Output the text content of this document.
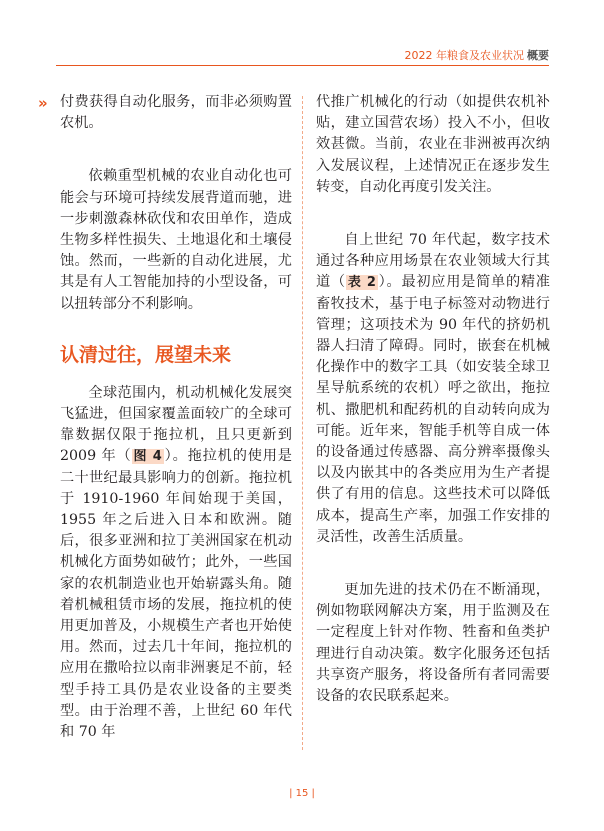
2022 年粮食及农业状况 概要
» 付费获得自动化服务，而非必须购置农机。

依赖重型机械的农业自动化也可能会与环境可持续发展背道而驰，进一步刺激森林砍伐和农田单作，造成生物多样性损失、土地退化和土壤侵蚀。然而，一些新的自动化进展，尤其是有人工智能加持的小型设备，可以扭转部分不利影响。

认清过往，展望未来

全球范围内，机动机械化发展突飞猛进，但国家覆盖面较广的全球可靠数据仅限于拖拉机，且只更新到 2009 年（ 图 4 ）。拖拉机的使用是二十世纪最具影响力的创新。拖拉机于 1910-1960 年间始现于美国，1955 年之后进入日本和欧洲。随后，很多亚洲和拉丁美洲国家在机动机械化方面势如破竹；此外，一些国家的农机制造业也开始崭露头角。随着机械租赁市场的发展，拖拉机的使用更加普及，小规模生产者也开始使用。然而，过去几十年间，拖拉机的应用在撒哈拉以南非洲裹足不前，轻型手持工具仍是农业设备的主要类型。由于治理不善，上世纪 60 年代和 70 年

代推广机械化的行动（如提供农机补贴，建立国营农场）投入不小，但收效甚微。当前，农业在非洲被再次纳入发展议程，上述情况正在逐步发生转变，自动化再度引发关注。

自上世纪 70 年代起，数字技术通过各种应用场景在农业领域大行其道（ 表 2 ）。最初应用是简单的精准畜牧技术，基于电子标签对动物进行管理；这项技术为 90 年代的挤奶机器人扫清了障碍。同时，嵌套在机械化操作中的数字工具（如安装全球卫星导航系统的农机）呼之欲出，拖拉机、撒肥机和配药机的自动转向成为可能。近年来，智能手机等自成一体的设备通过传感器、高分辨率摄像头以及内嵌其中的各类应用为生产者提供了有用的信息。这些技术可以降低成本，提高生产率，加强工作安排的灵活性，改善生活质量。

更加先进的技术仍在不断涌现，例如物联网解决方案，用于监测及在一定程度上针对作物、牲畜和鱼类护理进行自动决策。数字化服务还包括共享资产服务，将设备所有者同需要设备的农民联系起来。

| 15 |
